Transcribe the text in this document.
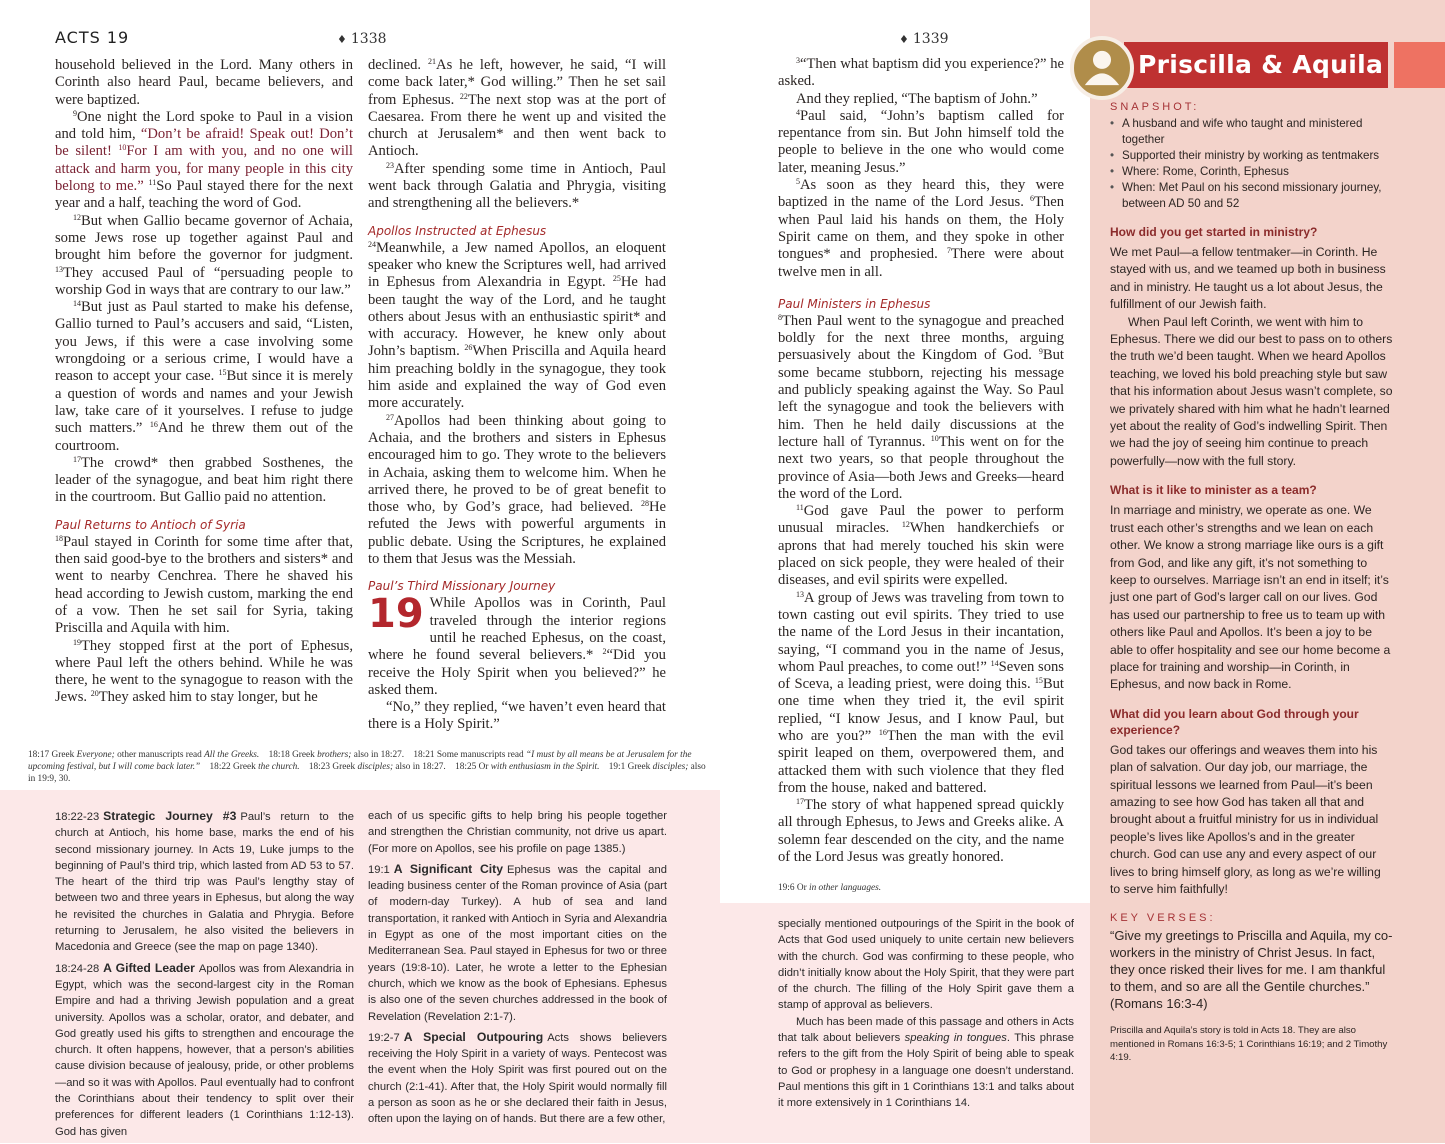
ACTS 19	♦ 1338	♦ 1339

household believed in the Lord. Many others in Corinth also heard Paul, became believers, and were baptized.

$^9$One night the Lord spoke to Paul in a vision and told him, “Don’t be afraid! Speak out! Don’t be silent! $^{10}$For I am with you, and no one will attack and harm you, for many people in this city belong to me.” $^{11}$So Paul stayed there for the next year and a half, teaching the word of God.

$^{12}$But when Gallio became governor of Achaia, some Jews rose up together against Paul and brought him before the governor for judgment. $^{13}$They accused Paul of “persuading people to worship God in ways that are contrary to our law.”

$^{14}$But just as Paul started to make his defense, Gallio turned to Paul’s accusers and said, “Listen, you Jews, if this were a case involving some wrongdoing or a serious crime, I would have a reason to accept your case. $^{15}$But since it is merely a question of words and names and your Jewish law, take care of it yourselves. I refuse to judge such matters.” $^{16}$And he threw them out of the courtroom.

$^{17}$The crowd* then grabbed Sosthenes, the leader of the synagogue, and beat him right there in the courtroom. But Gallio paid no attention.

Paul Returns to Antioch of Syria

$^{18}$Paul stayed in Corinth for some time after that, then said good-bye to the brothers and sisters* and went to nearby Cenchrea. There he shaved his head according to Jewish custom, marking the end of a vow. Then he set sail for Syria, taking Priscilla and Aquila with him.

$^{19}$They stopped first at the port of Ephesus, where Paul left the others behind. While he was there, he went to the synagogue to reason with the Jews. $^{20}$They asked him to stay longer, but he

declined. $^{21}$As he left, however, he said, “I will come back later,* God willing.” Then he set sail from Ephesus. $^{22}$The next stop was at the port of Caesarea. From there he went up and visited the church at Jerusalem* and then went back to Antioch.

$^{23}$After spending some time in Antioch, Paul went back through Galatia and Phrygia, visiting and strengthening all the believers.*

Apollos Instructed at Ephesus

$^{24}$Meanwhile, a Jew named Apollos, an eloquent speaker who knew the Scriptures well, had arrived in Ephesus from Alexandria in Egypt. $^{25}$He had been taught the way of the Lord, and he taught others about Jesus with an enthusiastic spirit* and with accuracy. However, he knew only about John’s baptism. $^{26}$When Priscilla and Aquila heard him preaching boldly in the synagogue, they took him aside and explained the way of God even more accurately.

$^{27}$Apollos had been thinking about going to Achaia, and the brothers and sisters in Ephesus encouraged him to go. They wrote to the believers in Achaia, asking them to welcome him. When he arrived there, he proved to be of great benefit to those who, by God’s grace, had believed. $^{28}$He refuted the Jews with powerful arguments in public debate. Using the Scriptures, he explained to them that Jesus was the Messiah.

Paul’s Third Missionary Journey

19 While Apollos was in Corinth, Paul traveled through the interior regions until he reached Ephesus, on the coast, where he found several believers.* $^2$“Did you receive the Holy Spirit when you believed?” he asked them.

“No,” they replied, “we haven’t even heard that there is a Holy Spirit.”

18:17 Greek Everyone; other manuscripts read All the Greeks.  18:18 Greek brothers; also in 18:27.  18:21 Some manuscripts read “I must by all means be at Jerusalem for the upcoming festival, but I will come back later.”  18:22 Greek the church.  18:23 Greek disciples; also in 18:27.  18:25 Or with enthusiasm in the Spirit.  19:1 Greek disciples; also in 19:9, 30. 

18:22-23 Strategic Journey #3 Paul’s return to the church at Antioch, his home base, marks the end of his second missionary journey. In Acts 19, Luke jumps to the beginning of Paul’s third trip, which lasted from AD 53 to 57. The heart of the third trip was Paul’s lengthy stay of between two and three years in Ephesus, but along the way he revisited the churches in Galatia and Phrygia. Before returning to Jerusalem, he also visited the believers in Macedonia and Greece (see the map on page 1340).

18:24-28 A Gifted Leader Apollos was from Alexandria in Egypt, which was the second-largest city in the Roman Empire and had a thriving Jewish population and a great university. Apollos was a scholar, orator, and debater, and God greatly used his gifts to strengthen and encourage the church. It often happens, however, that a person’s abilities cause division because of jealousy, pride, or other problems—and so it was with Apollos. Paul eventually had to confront the Corinthians about their tendency to split over their preferences for different leaders (1 Corinthians 1:12-13). God has given

each of us specific gifts to help bring his people together and strengthen the Christian community, not drive us apart. (For more on Apollos, see his profile on page 1385.)

19:1 A Significant City Ephesus was the capital and leading business center of the Roman province of Asia (part of modern-day Turkey). A hub of sea and land transportation, it ranked with Antioch in Syria and Alexandria in Egypt as one of the most important cities on the Mediterranean Sea. Paul stayed in Ephesus for two or three years (19:8-10). Later, he wrote a letter to the Ephesian church, which we know as the book of Ephesians. Ephesus is also one of the seven churches addressed in the book of Revelation (Revelation 2:1-7).

19:2-7 A Special Outpouring Acts shows believers receiving the Holy Spirit in a variety of ways. Pentecost was the event when the Holy Spirit was first poured out on the church (2:1-41). After that, the Holy Spirit would normally fill a person as soon as he or she declared their faith in Jesus, often upon the laying on of hands. But there are a few other,

$^3$“Then what baptism did you experience?” he asked.

And they replied, “The baptism of John.”

$^4$Paul said, “John’s baptism called for repentance from sin. But John himself told the people to believe in the one who would come later, meaning Jesus.”

$^5$As soon as they heard this, they were baptized in the name of the Lord Jesus. $^6$Then when Paul laid his hands on them, the Holy Spirit came on them, and they spoke in other tongues* and prophesied. $^7$There were about twelve men in all.

Paul Ministers in Ephesus

$^8$Then Paul went to the synagogue and preached boldly for the next three months, arguing persuasively about the Kingdom of God. $^9$But some became stubborn, rejecting his message and publicly speaking against the Way. So Paul left the synagogue and took the believers with him. Then he held daily discussions at the lecture hall of Tyrannus. $^{10}$This went on for the next two years, so that people throughout the province of Asia—both Jews and Greeks—heard the word of the Lord.

$^{11}$God gave Paul the power to perform unusual miracles. $^{12}$When handkerchiefs or aprons that had merely touched his skin were placed on sick people, they were healed of their diseases, and evil spirits were expelled.

$^{13}$A group of Jews was traveling from town to town casting out evil spirits. They tried to use the name of the Lord Jesus in their incantation, saying, “I command you in the name of Jesus, whom Paul preaches, to come out!” $^{14}$Seven sons of Sceva, a leading priest, were doing this. $^{15}$But one time when they tried it, the evil spirit replied, “I know Jesus, and I know Paul, but who are you?” $^{16}$Then the man with the evil spirit leaped on them, overpowered them, and attacked them with such violence that they fled from the house, naked and battered.

$^{17}$The story of what happened spread quickly all through Ephesus, to Jews and Greeks alike. A solemn fear descended on the city, and the name of the Lord Jesus was greatly honored.

19:6 Or in other languages.

specially mentioned outpourings of the Spirit in the book of Acts that God used uniquely to unite certain new believers with the church. God was confirming to these people, who didn’t initially know about the Holy Spirit, that they were part of the church. The filling of the Holy Spirit gave them a stamp of approval as believers.

Much has been made of this passage and others in Acts that talk about believers speaking in tongues. This phrase refers to the gift from the Holy Spirit of being able to speak to God or prophesy in a language one doesn’t understand. Paul mentions this gift in 1 Corinthians 13:1 and talks about it more extensively in 1 Corinthians 14.

Priscilla & Aquila
SNAPSHOT:
• A husband and wife who taught and ministered together
• Supported their ministry by working as tentmakers
• Where: Rome, Corinth, Ephesus
• When: Met Paul on his second missionary journey, between AD 50 and 52
How did you get started in ministry?

We met Paul—a fellow tentmaker—in Corinth. He stayed with us, and we teamed up both in business and in ministry. He taught us a lot about Jesus, the fulfillment of our Jewish faith.

When Paul left Corinth, we went with him to Ephesus. There we did our best to pass on to others the truth we’d been taught. When we heard Apollos teaching, we loved his bold preaching style but saw that his information about Jesus wasn’t complete, so we privately shared with him what he hadn’t learned yet about the reality of God’s indwelling Spirit. Then we had the joy of seeing him continue to preach powerfully—now with the full story.

What is it like to minister as a team?

In marriage and ministry, we operate as one. We trust each other’s strengths and we lean on each other. We know a strong marriage like ours is a gift from God, and like any gift, it’s not something to keep to ourselves. Marriage isn’t an end in itself; it’s just one part of God’s larger call on our lives. God has used our partnership to free us to team up with others like Paul and Apollos. It’s been a joy to be able to offer hospitality and see our home become a place for training and worship—in Corinth, in Ephesus, and now back in Rome.

What did you learn about God through your experience?

God takes our offerings and weaves them into his plan of salvation. Our day job, our marriage, the spiritual lessons we learned from Paul—it’s been amazing to see how God has taken all that and brought about a fruitful ministry for us in individual people’s lives like Apollos’s and in the greater church. God can use any and every aspect of our lives to bring himself glory, as long as we’re willing to serve him faithfully!

KEY VERSES:

“Give my greetings to Priscilla and Aquila, my co-workers in the ministry of Christ Jesus. In fact, they once risked their lives for me. I am thankful to them, and so are all the Gentile churches.”

(Romans 16:3-4)

Priscilla and Aquila’s story is told in Acts 18. They are also mentioned in Romans 16:3-5; 1 Corinthians 16:19; and 2 Timothy 4:19.
